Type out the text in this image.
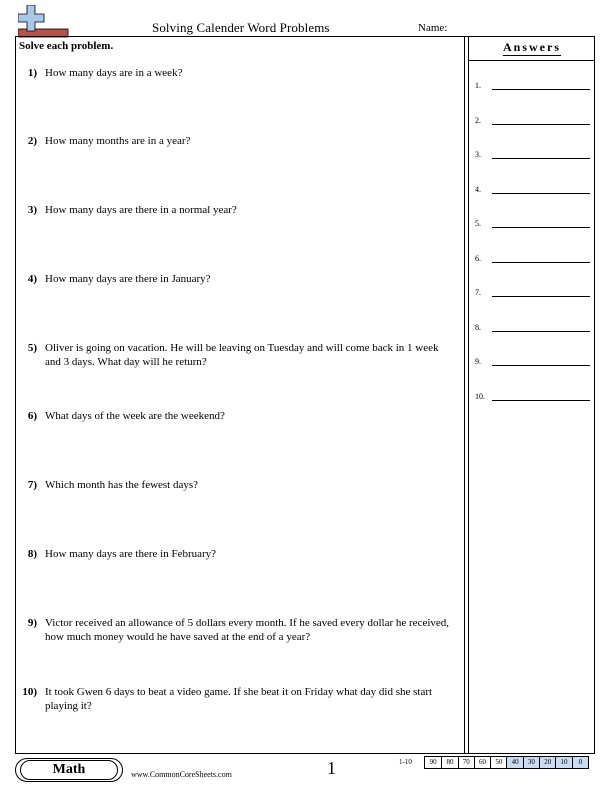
Solving Calender Word Problems	Name:
Solve each problem.
1) How many days are in a week?
2) How many months are in a year?
3) How many days are there in a normal year?
4) How many days are there in January?
5) Oliver is going on vacation. He will be leaving on Tuesday and will come back in 1 week and 3 days. What day will he return?
6) What days of the week are the weekend?
7) Which month has the fewest days?
8) How many days are there in February?
9) Victor received an allowance of 5 dollars every month. If he saved every dollar he received, how much money would he have saved at the end of a year?
10) It took Gwen 6 days to beat a video game. If she beat it on Friday what day did she start playing it?
Answers
1.
2.
3.
4.
5.
6.
7.
8.
9.
10.
Math	www.CommonCoreSheets.com	1	1-10	90	80	70	60	50	40	30	20	10	0
